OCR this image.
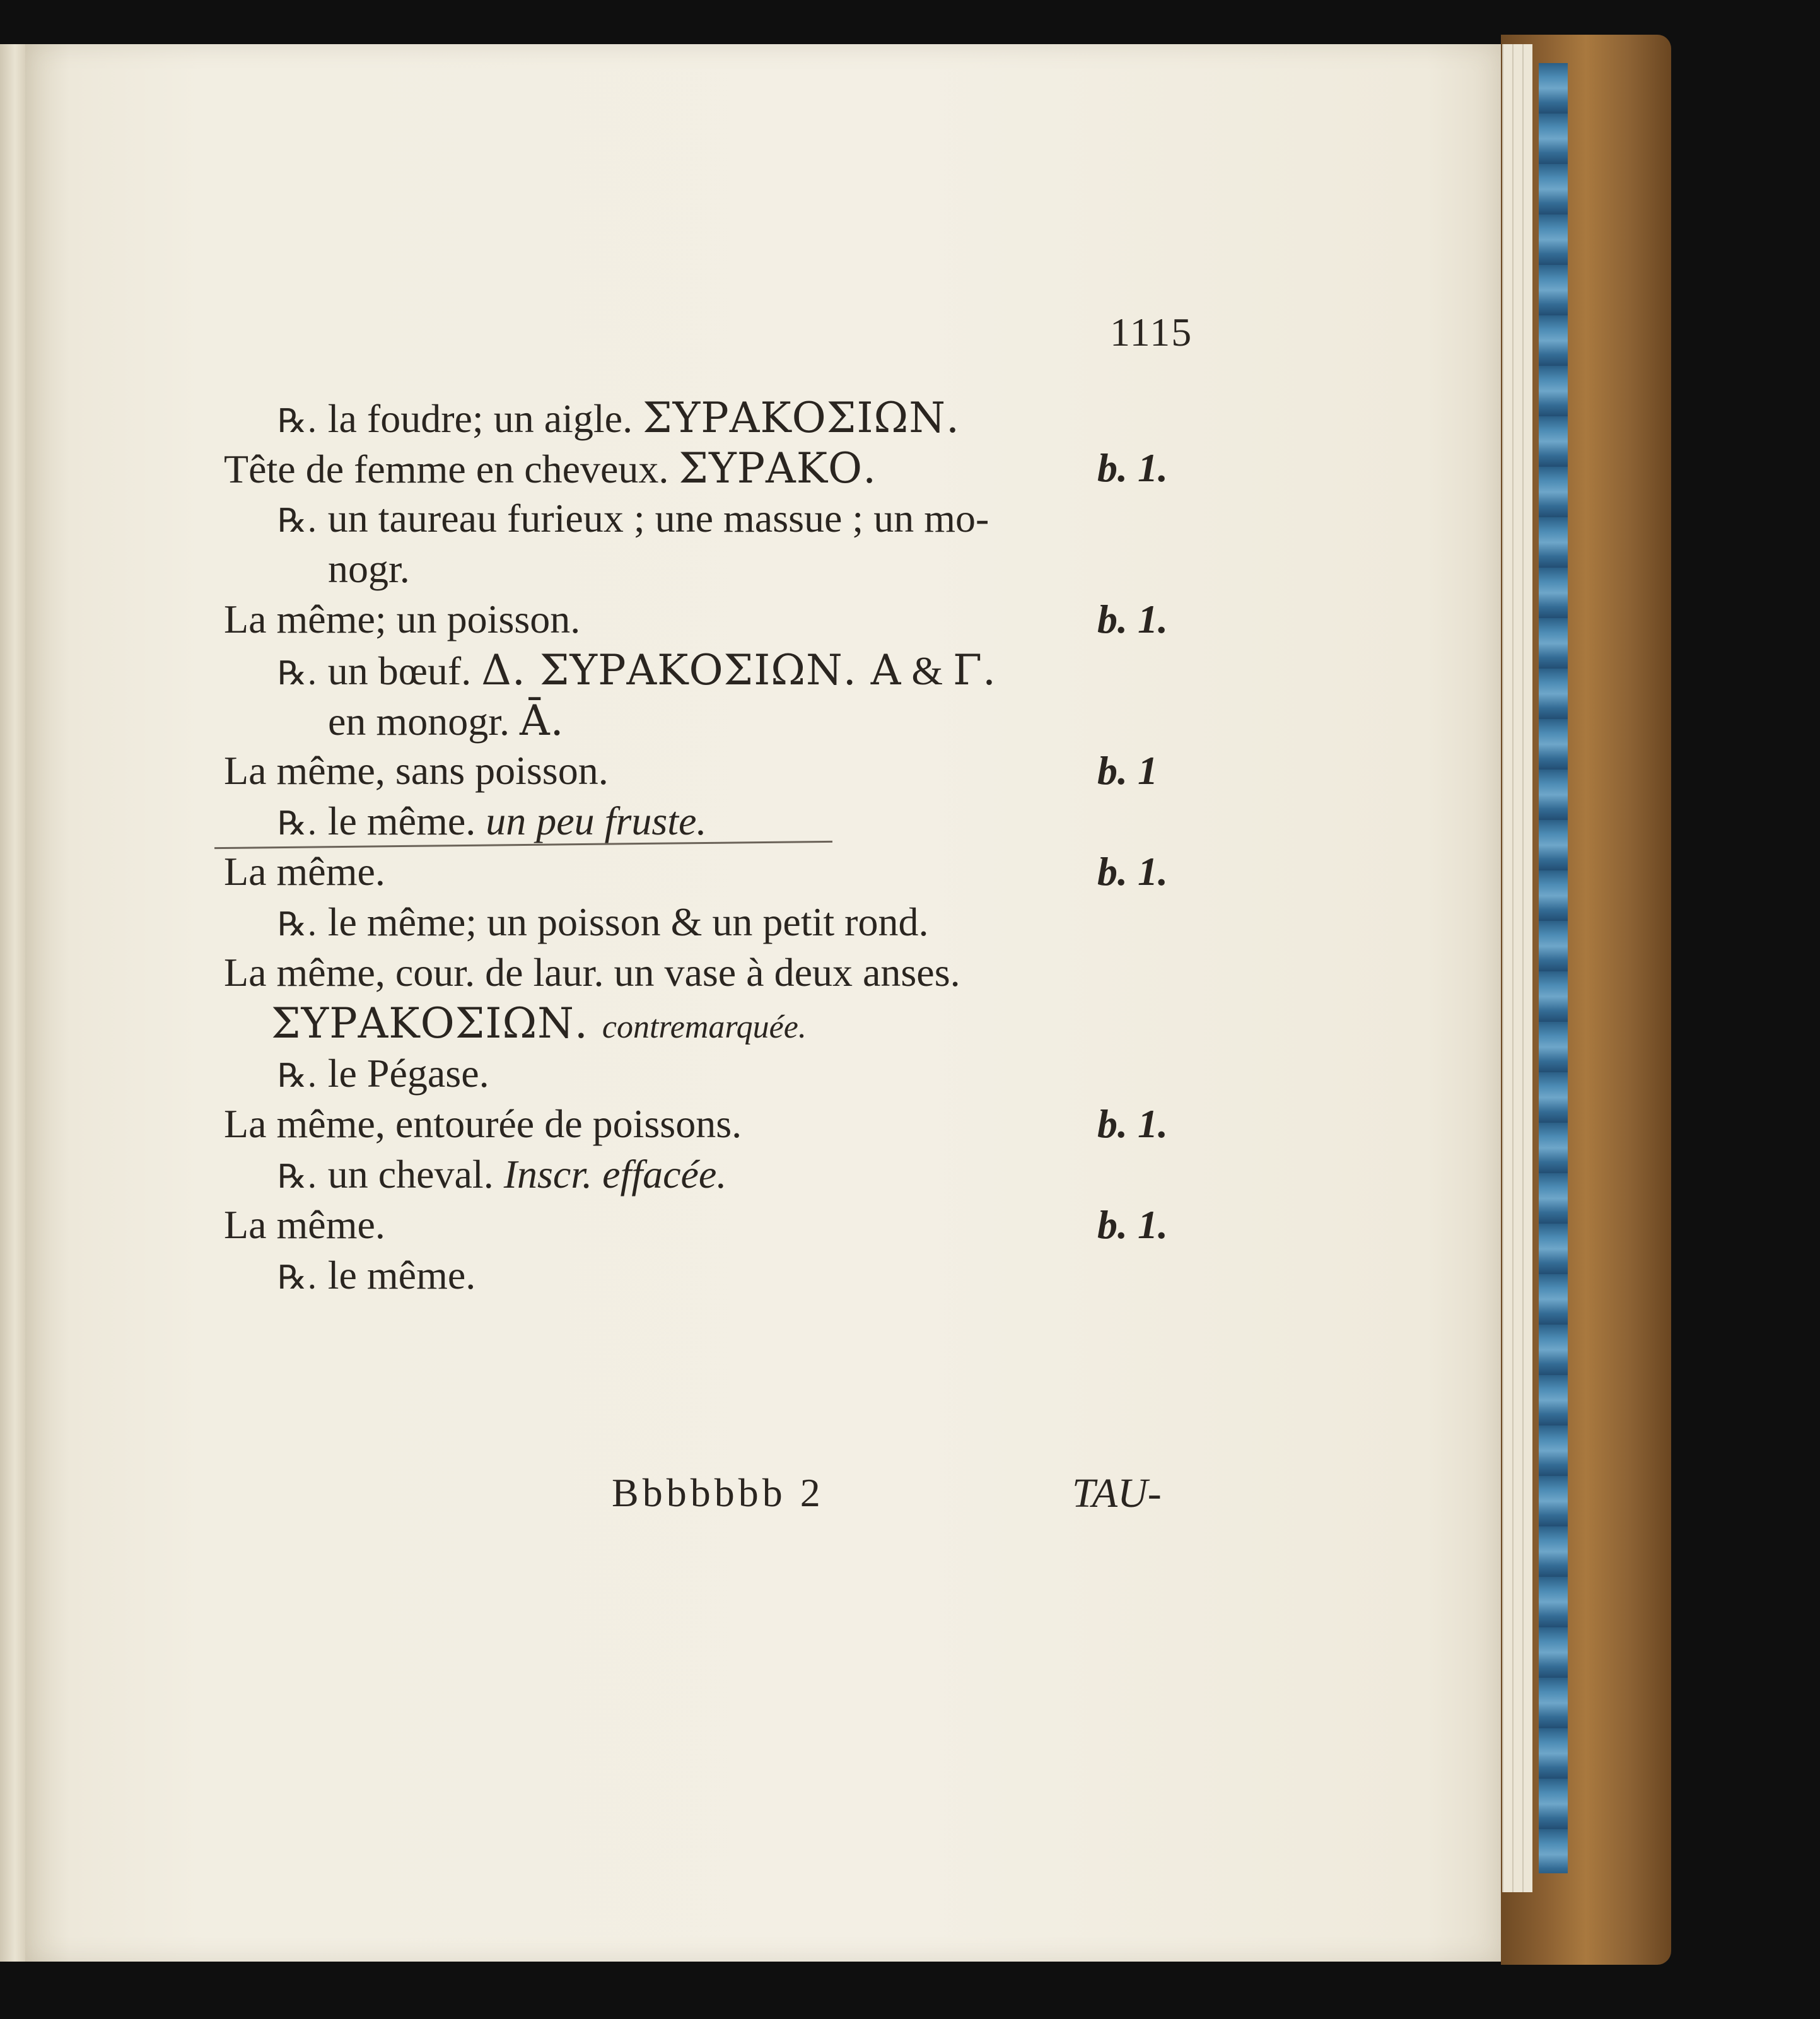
1115
℞. la foudre; un aigle. ΣΥΡΑΚΟΣΙΩΝ.
Tête de femme en cheveux. ΣΥΡΑΚΟ.	b. 1.
℞. un taureau furieux ; une massue ; un mo-
nogr.
La même; un poisson.	b. 1.
℞. un bœuf. Δ. ΣΥΡΑΚΟΣΙΩΝ. Α & Γ.
en monogr. Ā.
La même, sans poisson.	b. 1
℞. le même. un peu fruste.
La même.	b. 1.
℞. le même; un poisson & un petit rond.
La même, cour. de laur. un vase à deux anses.
ΣΥΡΑΚΟΣΙΩΝ. contremarquée.
℞. le Pégase.
La même, entourée de poissons.	b. 1.
℞. un cheval. Inscr. effacée.
La même.	b. 1.
℞. le même.
Bbbbbbb 2	TAU-
